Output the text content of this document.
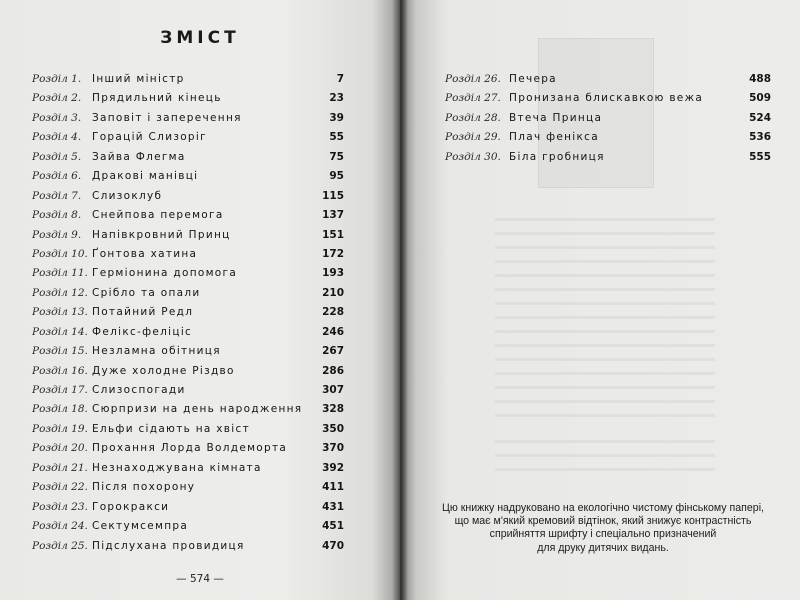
ЗМІСТ
Розділ 1. Інший міністр	7
Розділ 2. Прядильний кінець	23
Розділ 3. Заповіт і заперечення	39
Розділ 4. Горацій Слизоріг	55
Розділ 5. Зайва Флегма	75
Розділ 6. Дракові манівці	95
Розділ 7. Слизоклуб	115
Розділ 8. Снейпова перемога	137
Розділ 9. Напівкровний Принц	151
Розділ 10. Ґонтова хатина	172
Розділ 11. Герміонина допомога	193
Розділ 12. Срібло та опали	210
Розділ 13. Потайний Редл	228
Розділ 14. Фелікс-феліціс	246
Розділ 15. Незламна обітниця	267
Розділ 16. Дуже холодне Різдво	286
Розділ 17. Слизоспогади	307
Розділ 18. Сюрпризи на день народження 328
Розділ 19. Ельфи сідають на хвіст	350
Розділ 20. Прохання Лорда Волдеморта	370
Розділ 21. Незнаходжувана кімната	392
Розділ 22. Після похорону	411
Розділ 23. Горокракси	431
Розділ 24. Сектумсемпра	451
Розділ 25. Підслухана провидиця	470
— 574 —
Розділ 26. Печера	488
Розділ 27. Пронизана блискавкою вежа	509
Розділ 28. Втеча Принца	524
Розділ 29. Плач фенікса	536
Розділ 30. Біла гробниця	555
Цю книжку надруковано на екологічно чистому фінському папері,
що має м'який кремовий відтінок, який знижує контрастність
сприйняття шрифту і спеціально призначений
для друку дитячих видань.
